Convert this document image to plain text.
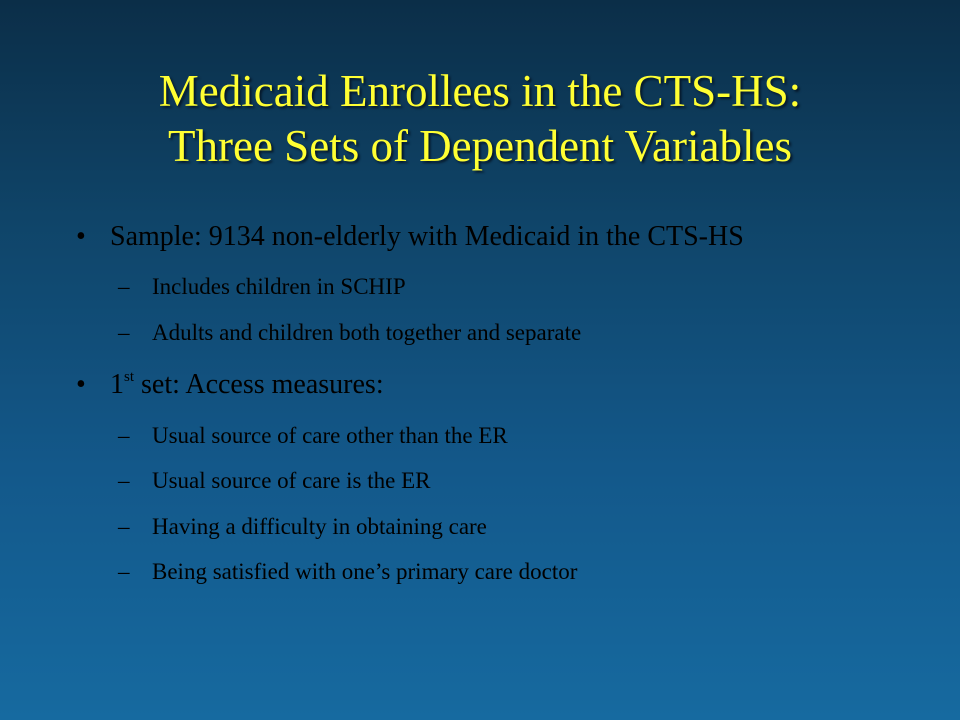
Medicaid Enrollees in the CTS-HS:
Three Sets of Dependent Variables
• Sample: 9134 non-elderly with Medicaid in the CTS-HS
– Includes children in SCHIP
– Adults and children both together and separate
• 1st set: Access measures:
– Usual source of care other than the ER
– Usual source of care is the ER
– Having a difficulty in obtaining care
– Being satisfied with one’s primary care doctor
